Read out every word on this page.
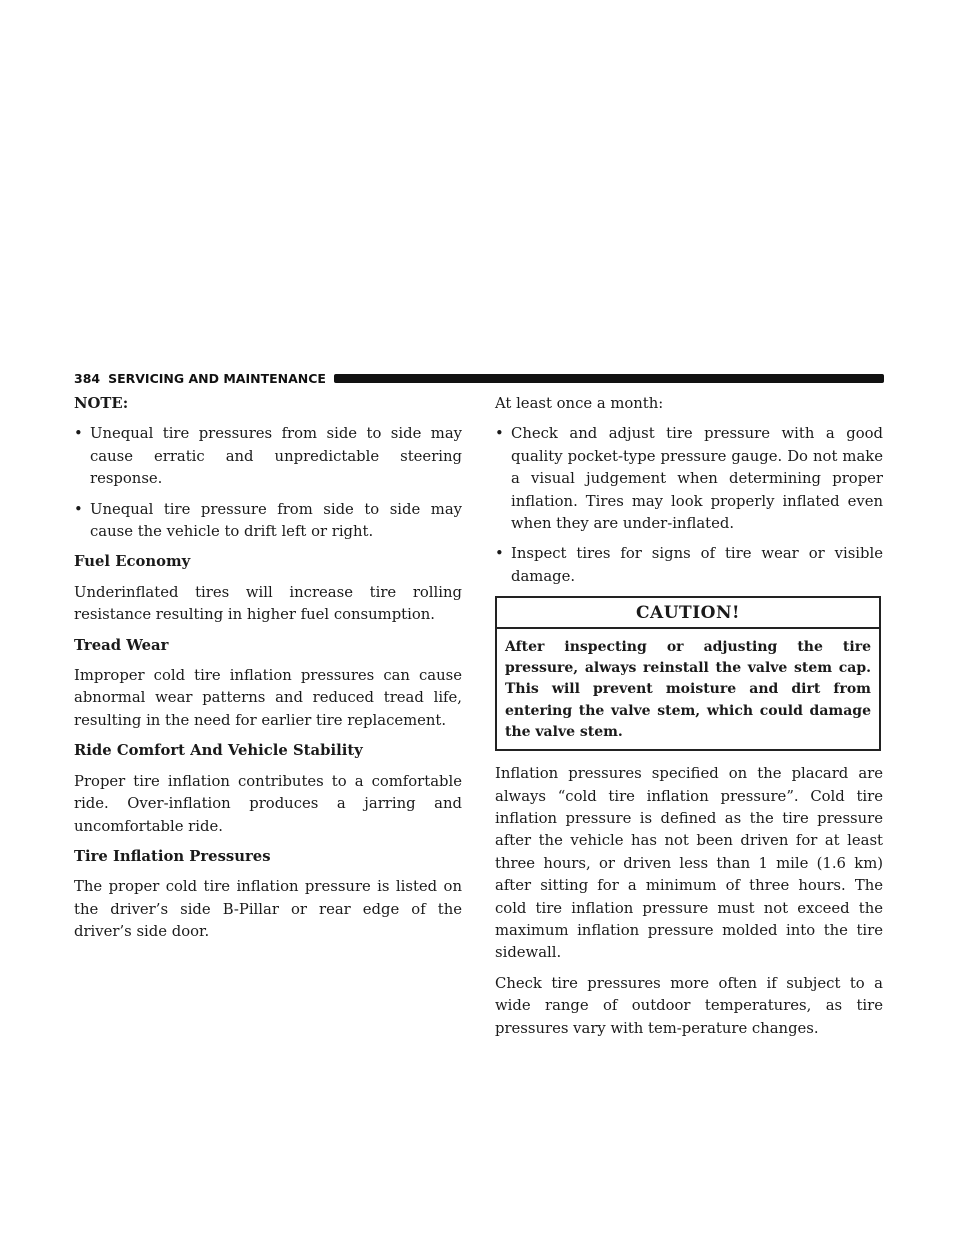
384 SERVICING AND MAINTENANCE
NOTE:
• Unequal tire pressures from side to side may cause erratic and unpredictable steering response.
• Unequal tire pressure from side to side may cause the vehicle to drift left or right.
Fuel Economy

Underinflated tires will increase tire rolling resistance resulting in higher fuel consumption.

Tread Wear

Improper cold tire inflation pressures can cause abnormal wear patterns and reduced tread life, resulting in the need for earlier tire replacement.

Ride Comfort And Vehicle Stability

Proper tire inflation contributes to a comfortable ride. Over-inflation produces a jarring and uncomfortable ride.

Tire Inflation Pressures

The proper cold tire inflation pressure is listed on the driver’s side B-Pillar or rear edge of the driver’s side door.

At least once a month:

• Check and adjust tire pressure with a good quality pocket-type pressure gauge. Do not make a visual judgement when determining proper inflation. Tires may look properly inflated even when they are under-inflated.
• Inspect tires for signs of tire wear or visible damage.
CAUTION!
After inspecting or adjusting the tire pressure, always reinstall the valve stem cap. This will prevent moisture and dirt from entering the valve stem, which could damage the valve stem.

Inflation pressures specified on the placard are always “cold tire inflation pressure”. Cold tire inflation pressure is defined as the tire pressure after the vehicle has not been driven for at least three hours, or driven less than 1 mile (1.6 km) after sitting for a minimum of three hours. The cold tire inflation pressure must not exceed the maximum inflation pressure molded into the tire sidewall.

Check tire pressures more often if subject to a wide range of outdoor temperatures, as tire pressures vary with tem-perature changes.
